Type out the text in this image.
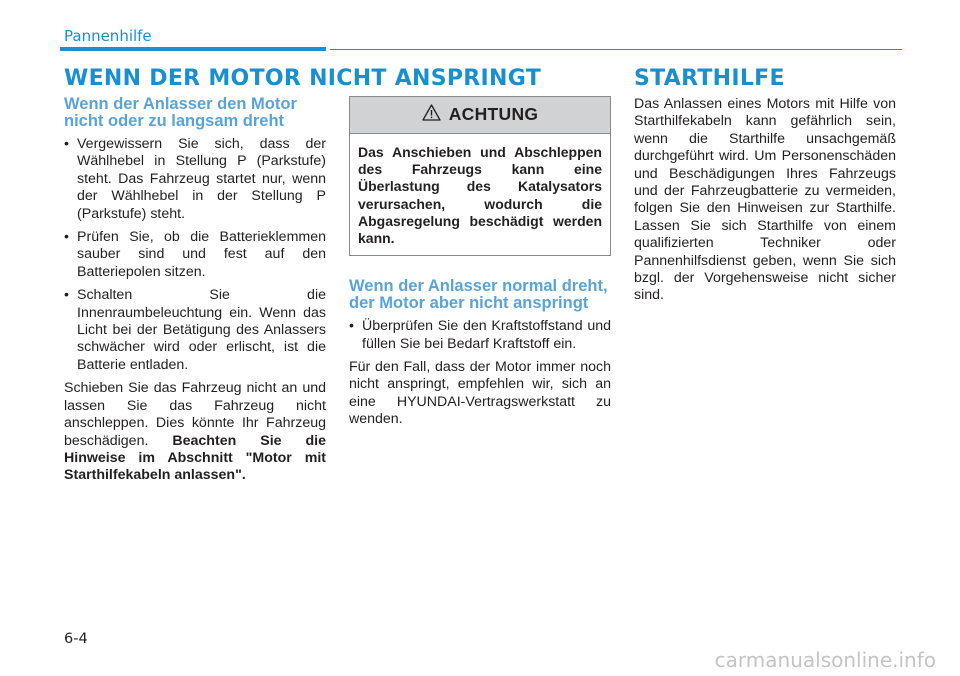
Pannenhilfe
WENN DER MOTOR NICHT ANSPRINGT	STARTHILFE
Wenn der Anlasser den Motor nicht oder zu langsam dreht
• Vergewissern Sie sich, dass der Wählhebel in Stellung P (Parkstufe) steht. Das Fahrzeug startet nur, wenn der Wählhebel in der Stellung P (Parkstufe) steht.
• Prüfen Sie, ob die Batterieklemmen sauber sind und fest auf den Batteriepolen sitzen.
• Schalten Sie die Innenraumbeleuchtung ein. Wenn das Licht bei der Betätigung des Anlassers schwächer wird oder erlischt, ist die Batterie entladen.

Schieben Sie das Fahrzeug nicht an und lassen Sie das Fahrzeug nicht anschleppen. Dies könnte Ihr Fahrzeug beschädigen. Beachten Sie die Hinweise im Abschnitt "Motor mit Starthilfekabeln anlassen".

ACHTUNG
Das Anschieben und Abschleppen des Fahrzeugs kann eine Überlastung des Katalysators verursachen, wodurch die Abgasregelung beschädigt werden kann.
Wenn der Anlasser normal dreht, der Motor aber nicht anspringt
• Überprüfen Sie den Kraftstoffstand und füllen Sie bei Bedarf Kraftstoff ein.

Für den Fall, dass der Motor immer noch nicht anspringt, empfehlen wir, sich an eine HYUNDAI-Vertragswerkstatt zu wenden.

Das Anlassen eines Motors mit Hilfe von Starthilfekabeln kann gefährlich sein, wenn die Starthilfe unsachgemäß durchgeführt wird. Um Personenschäden und Beschädigungen Ihres Fahrzeugs und der Fahrzeugbatterie zu vermeiden, folgen Sie den Hinweisen zur Starthilfe. Lassen Sie sich Starthilfe von einem qualifizierten Techniker oder Pannenhilfsdienst geben, wenn Sie sich bzgl. der Vorgehensweise nicht sicher sind.

6-4
carmanualsonline.info
